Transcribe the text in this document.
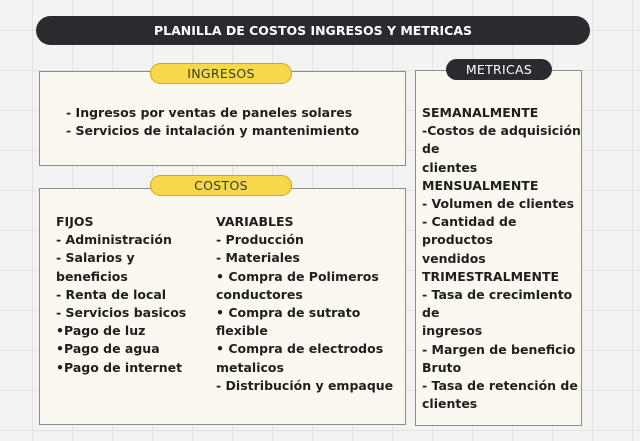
PLANILLA DE COSTOS INGRESOS Y METRICAS
INGRESOS
COSTOS
METRICAS
- Ingresos por ventas de paneles solares
- Servicios de intalación y mantenimiento
FIJOS
- Administración
- Salarios y beneficios
- Renta de local
- Servicios basicos
•Pago de luz
•Pago de agua
•Pago de internet
VARIABLES
- Producción
- Materiales
• Compra de Polimeros
conductores
• Compra de sutrato
flexible
• Compra de electrodos
metalicos
- Distribución y empaque
SEMANALMENTE
-Costos de adquisición de
clientes
MENSUALMENTE
- Volumen de clientes
- Cantidad de productos
vendidos
TRIMESTRALMENTE
- Tasa de crecimIento de
ingresos
- Margen de beneficio
Bruto
- Tasa de retención de
clientes
